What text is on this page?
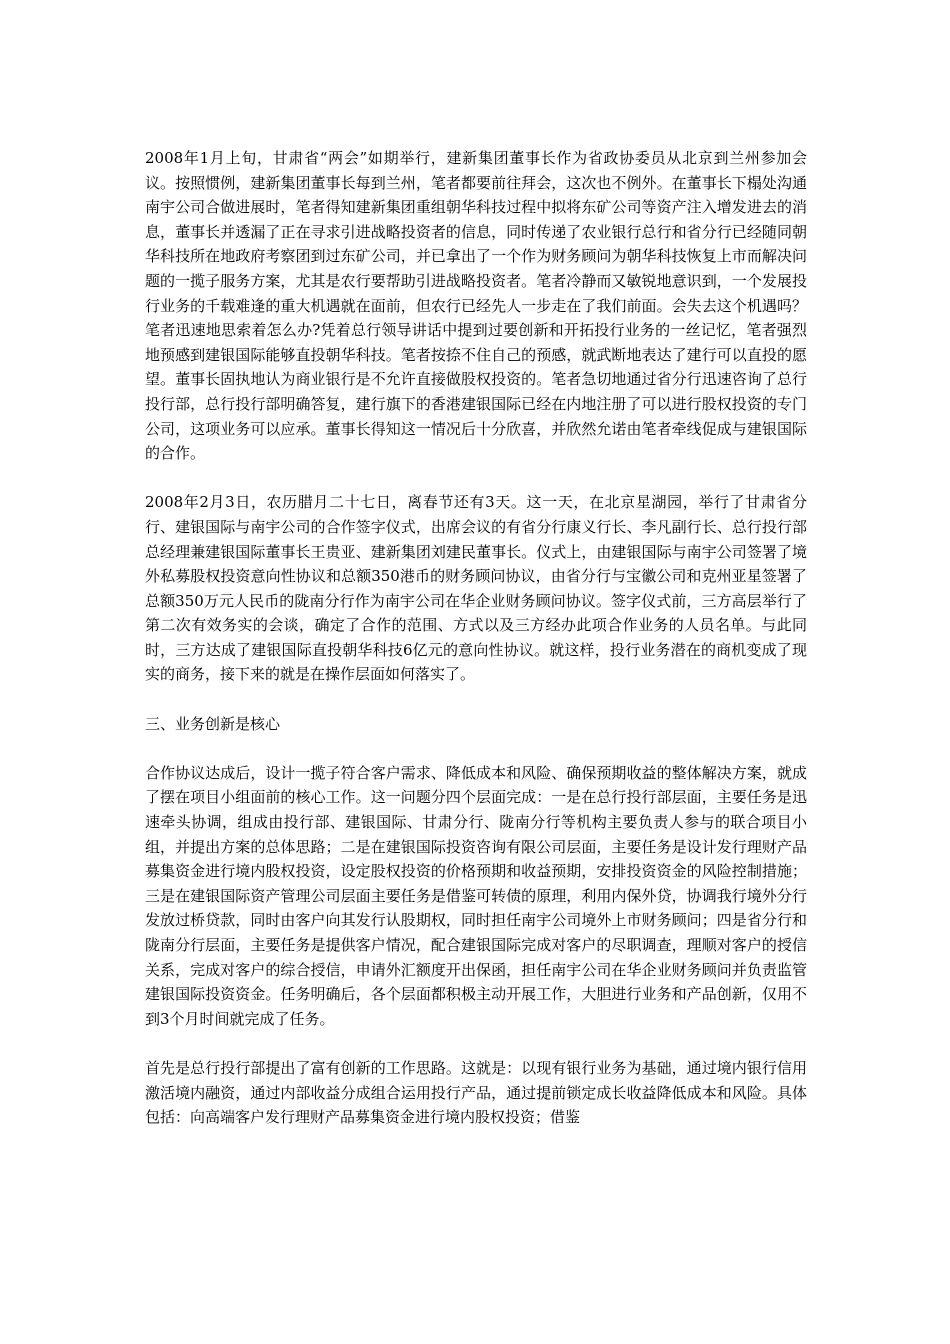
2008年1月上旬，甘肃省“两会”如期举行，建新集团董事长作为省政协委员从北京到兰州参加会议。按照惯例，建新集团董事长每到兰州，笔者都要前往拜会，这次也不例外。在董事长下榻处沟通南宇公司合做进展时，笔者得知建新集团重组朝华科技过程中拟将东矿公司等资产注入增发进去的消息，董事长并透漏了正在寻求引进战略投资者的信息，同时传递了农业银行总行和省分行已经随同朝华科技所在地政府考察团到过东矿公司，并已拿出了一个作为财务顾问为朝华科技恢复上市而解决问题的一揽子服务方案，尤其是农行要帮助引进战略投资者。笔者冷静而又敏锐地意识到，一个发展投行业务的千载难逢的重大机遇就在面前，但农行已经先人一步走在了我们前面。会失去这个机遇吗？笔者迅速地思索着怎么办?凭着总行领导讲话中提到过要创新和开拓投行业务的一丝记忆，笔者强烈地预感到建银国际能够直投朝华科技。笔者按捺不住自己的预感，就武断地表达了建行可以直投的愿望。董事长固执地认为商业银行是不允许直接做股权投资的。笔者急切地通过省分行迅速咨询了总行投行部，总行投行部明确答复，建行旗下的香港建银国际已经在内地注册了可以进行股权投资的专门公司，这项业务可以应承。董事长得知这一情况后十分欣喜，并欣然允诺由笔者牵线促成与建银国际的合作。

2008年2月3日，农历腊月二十七日，离春节还有3天。这一天，在北京星湖园，举行了甘肃省分行、建银国际与南宇公司的合作签字仪式，出席会议的有省分行康义行长、李凡副行长、总行投行部总经理兼建银国际董事长王贵亚、建新集团刘建民董事长。仪式上，由建银国际与南宇公司签署了境外私募股权投资意向性协议和总额350港币的财务顾问协议，由省分行与宝徽公司和克州亚星签署了总额350万元人民币的陇南分行作为南宇公司在华企业财务顾问协议。签字仪式前，三方高层举行了第二次有效务实的会谈，确定了合作的范围、方式以及三方经办此项合作业务的人员名单。与此同时，三方达成了建银国际直投朝华科技6亿元的意向性协议。就这样，投行业务潜在的商机变成了现实的商务，接下来的就是在操作层面如何落实了。

三、业务创新是核心

合作协议达成后，设计一揽子符合客户需求、降低成本和风险、确保预期收益的整体解决方案，就成了摆在项目小组面前的核心工作。这一问题分四个层面完成：一是在总行投行部层面，主要任务是迅速牵头协调，组成由投行部、建银国际、甘肃分行、陇南分行等机构主要负责人参与的联合项目小组，并提出方案的总体思路；二是在建银国际投资咨询有限公司层面，主要任务是设计发行理财产品募集资金进行境内股权投资，设定股权投资的价格预期和收益预期，安排投资资金的风险控制措施；三是在建银国际资产管理公司层面主要任务是借鉴可转债的原理，利用内保外贷，协调我行境外分行发放过桥贷款，同时由客户向其发行认股期权，同时担任南宇公司境外上市财务顾问；四是省分行和陇南分行层面，主要任务是提供客户情况，配合建银国际完成对客户的尽职调查，理顺对客户的授信关系，完成对客户的综合授信，申请外汇额度开出保函，担任南宇公司在华企业财务顾问并负责监管建银国际投资资金。任务明确后，各个层面都积极主动开展工作，大胆进行业务和产品创新，仅用不到3个月时间就完成了任务。

首先是总行投行部提出了富有创新的工作思路。这就是：以现有银行业务为基础，通过境内银行信用激活境内融资，通过内部收益分成组合运用投行产品，通过提前锁定成长收益降低成本和风险。具体包括：向高端客户发行理财产品募集资金进行境内股权投资；借鉴
